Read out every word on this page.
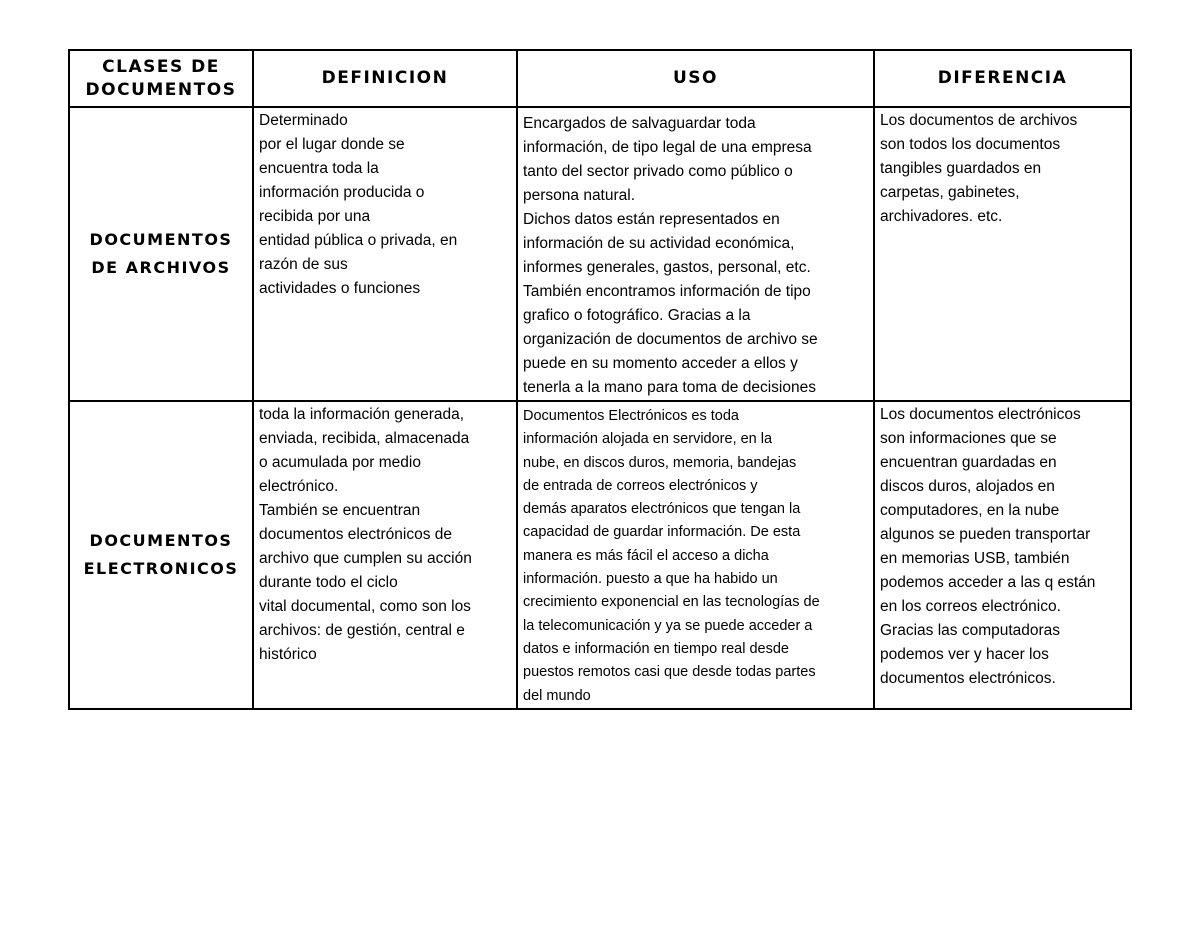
CLASES DE
DOCUMENTOS
DEFINICION	USO	DIFERENCIA
DOCUMENTOS
DE ARCHIVOS
Determinado
por el lugar donde se
encuentra toda la
información producida o
recibida por una
entidad pública o privada, en
razón de sus
actividades o funciones
Encargados de salvaguardar toda
información, de tipo legal de una empresa
tanto del sector privado como público o
persona natural.
Dichos datos están representados en
información de su actividad económica,
informes generales, gastos, personal, etc.
También encontramos información de tipo
grafico o fotográfico. Gracias a la
organización de documentos de archivo se
puede en su momento acceder a ellos y
tenerla a la mano para toma de decisiones
Los documentos de archivos
son todos los documentos
tangibles guardados en
carpetas, gabinetes,
archivadores. etc.
DOCUMENTOS
ELECTRONICOS
toda la información generada,
enviada, recibida, almacenada
o acumulada por medio
electrónico.
También se encuentran
documentos electrónicos de
archivo que cumplen su acción
durante todo el ciclo
vital documental, como son los
archivos: de gestión, central e
histórico
Documentos Electrónicos es toda
información alojada en servidore, en la
nube, en discos duros, memoria, bandejas
de entrada de correos electrónicos y
demás aparatos electrónicos que tengan la
capacidad de guardar información. De esta
manera es más fácil el acceso a dicha
información. puesto a que ha habido un
crecimiento exponencial en las tecnologías de
la telecomunicación y ya se puede acceder a
datos e información en tiempo real desde
puestos remotos casi que desde todas partes
del mundo
Los documentos electrónicos
son informaciones que se
encuentran guardadas en
discos duros, alojados en
computadores, en la nube
algunos se pueden transportar
en memorias USB, también
podemos acceder a las q están
en los correos electrónico.
Gracias las computadoras
podemos ver y hacer los
documentos electrónicos.
